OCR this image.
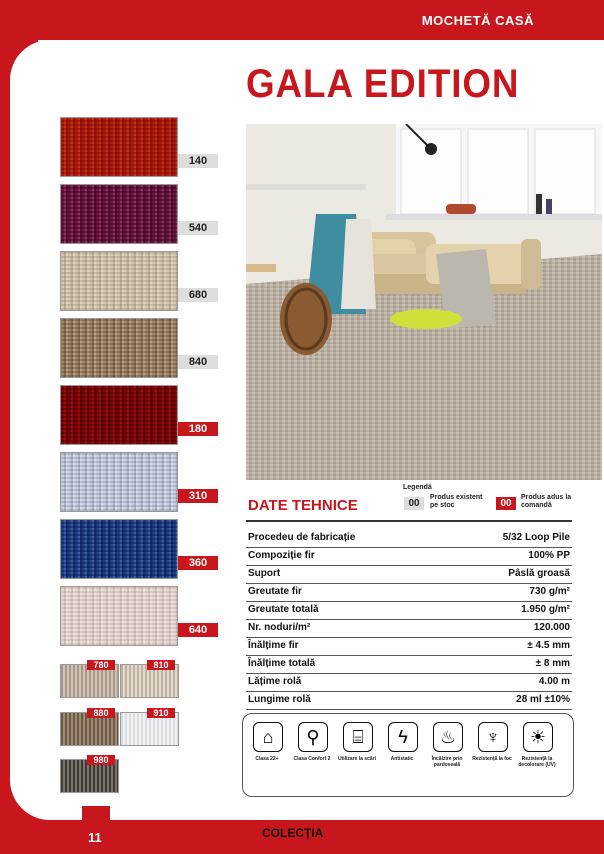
MOCHETĂ CASĂ
GALA EDITION
140
540
680
840
180
310
360
640
780	810
880	910
980
Legendă
00
Produs existent pe stoc	00
Produs adus la comandă
DATE TEHNICE
Procedeu de fabricație	5/32 Loop Pile
Compoziție fir	100% PP
Suport	Pâslă groasă
Greutate fir	730 g/m²
Greutate totală	1.950 g/m²
Nr. noduri/m²	120.000
Înălțime fir	± 4.5 mm
Înălțime totală	± 8 mm
Lățime rolă	4.00 m
Lungime rolă	28 ml ±10%
⌂
Clasa 22+
⚲
Clasa Confort 2
⌸
Utilizare la scări
ϟ
Antistatic
♨
Încălzire prin pardoseală
♆
Rezistență la foc
☀
Rezistență la decolorare (UV)
11	COLECȚIA 2016-2017
